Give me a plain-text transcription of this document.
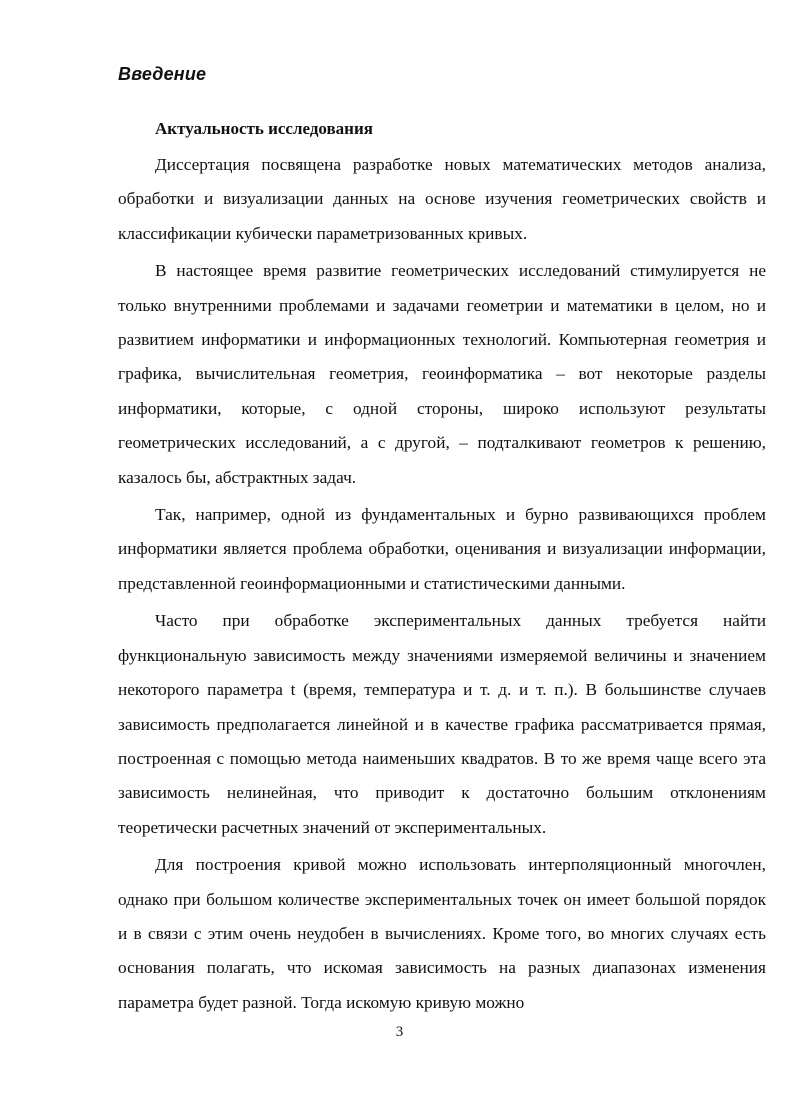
Введение
Актуальность исследования

Диссертация посвящена разработке новых математических методов анализа, обработки и визуализации данных на основе изучения геометрических свойств и классификации кубически параметризованных кривых.

В настоящее время развитие геометрических исследований стимулируется не только внутренними проблемами и задачами геометрии и математики в целом, но и развитием информатики и информационных технологий. Компьютерная геометрия и графика, вычислительная геометрия, геоинформатика – вот некоторые разделы информатики, которые, с одной стороны, широко используют результаты геометрических исследований, а с другой, – подталкивают геометров к решению, казалось бы, абстрактных задач.

Так, например, одной из фундаментальных и бурно развивающихся проблем информатики является проблема обработки, оценивания и визуализации информации, представленной геоинформационными и статистическими данными.

Часто при обработке экспериментальных данных требуется найти функциональную зависимость между значениями измеряемой величины и значением некоторого параметра t (время, температура и т. д. и т. п.). В большинстве случаев зависимость предполагается линейной и в качестве графика рассматривается прямая, построенная с помощью метода наименьших квадратов. В то же время чаще всего эта зависимость нелинейная, что приводит к достаточно большим отклонениям теоретически расчетных значений от экспериментальных.

Для построения кривой можно использовать интерполяционный многочлен, однако при большом количестве экспериментальных точек он имеет большой порядок и в связи с этим очень неудобен в вычислениях. Кроме того, во многих случаях есть основания полагать, что искомая зависимость на разных диапазонах изменения параметра будет разной. Тогда искомую кривую можно

3
